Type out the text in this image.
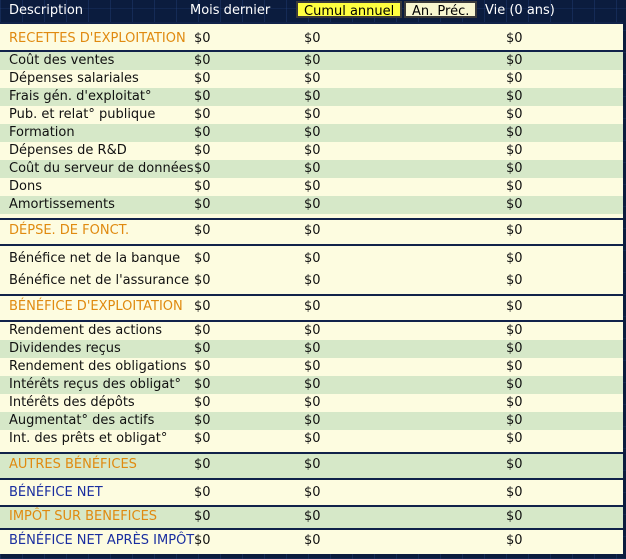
Description	Mois dernier	Cumul annuel	An. Préc.	Vie (0 ans)
RECETTES D'EXPLOITATION $0	$0	$0
Coût des ventes	$0	$0	$0
Dépenses salariales	$0	$0	$0
Frais gén. d'exploitat°	$0	$0	$0
Pub. et relat° publique	$0	$0	$0
Formation	$0	$0	$0
Dépenses de R&D	$0	$0	$0
Coût du serveur de données $0	$0	$0
Dons	$0	$0	$0
Amortissements	$0	$0	$0
DÉPSE. DE FONCT.	$0	$0	$0
Bénéfice net de la banque $0	$0	$0
Bénéfice net de l'assurance $0	$0	$0
BÉNÉFICE D'EXPLOITATION $0	$0	$0
Rendement des actions $0	$0	$0
Dividendes reçus	$0	$0	$0
Rendement des obligations $0	$0	$0
Intérêts reçus des obligat° $0	$0	$0
Intérêts des dépôts	$0	$0	$0
Augmentat° des actifs	$0	$0	$0
Int. des prêts et obligat° $0	$0	$0
AUTRES BÉNÉFICES	$0	$0	$0
BÉNÉFICE NET	$0	$0	$0
IMPÔT SUR BENEFICES	$0	$0	$0
BÉNÉFICE NET APRÈS IMPÔT $0	$0	$0
